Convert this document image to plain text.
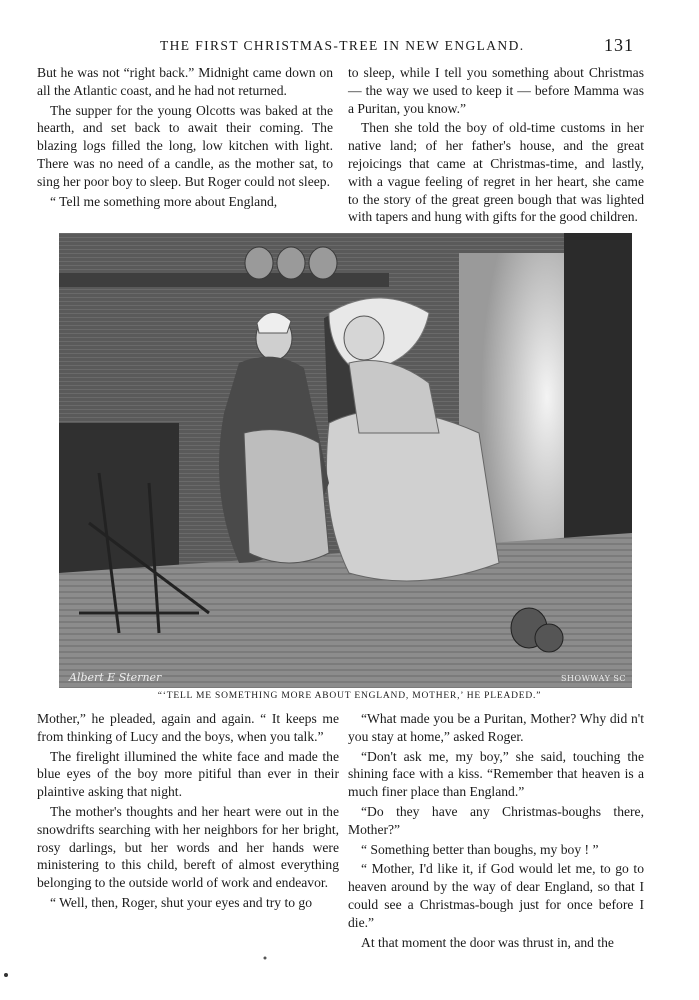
THE FIRST CHRISTMAS-TREE IN NEW ENGLAND.	131

But he was not “right back.” Midnight came down on all the Atlantic coast, and he had not returned.

The supper for the young Olcotts was baked at the hearth, and set back to await their coming. The blazing logs filled the long, low kitchen with light. There was no need of a candle, as the mother sat, to sing her poor boy to sleep. But Roger could not sleep.

“ Tell me something more about England,

to sleep, while I tell you something about Christmas — the way we used to keep it — before Mamma was a Puritan, you know.”

Then she told the boy of old-time customs in her native land; of her father's house, and the great rejoicings that came at Christmas-time, and lastly, with a vague feeling of regret in her heart, she came to the story of the great green bough that was lighted with tapers and hung with gifts for the good children.

Albert E Sterner	SHOWWAY SC
“‘TELL ME SOMETHING MORE ABOUT ENGLAND, MOTHER,’ HE PLEADED.”

Mother,” he pleaded, again and again. “ It keeps me from thinking of Lucy and the boys, when you talk.”

The firelight illumined the white face and made the blue eyes of the boy more pitiful than ever in their plaintive asking that night.

The mother's thoughts and her heart were out in the snowdrifts searching with her neighbors for her bright, rosy darlings, but her words and her hands were ministering to this child, bereft of almost everything belonging to the outside world of work and endeavor.

“ Well, then, Roger, shut your eyes and try to go

“What made you be a Puritan, Mother? Why did n't you stay at home,” asked Roger.

“Don't ask me, my boy,” she said, touching the shining face with a kiss. “Remember that heaven is a much finer place than England.”

“Do they have any Christmas-boughs there, Mother?”

“ Something better than boughs, my boy ! ”

“ Mother, I'd like it, if God would let me, to go to heaven around by the way of dear England, so that I could see a Christmas-bough just for once before I die.”

At that moment the door was thrust in, and the
